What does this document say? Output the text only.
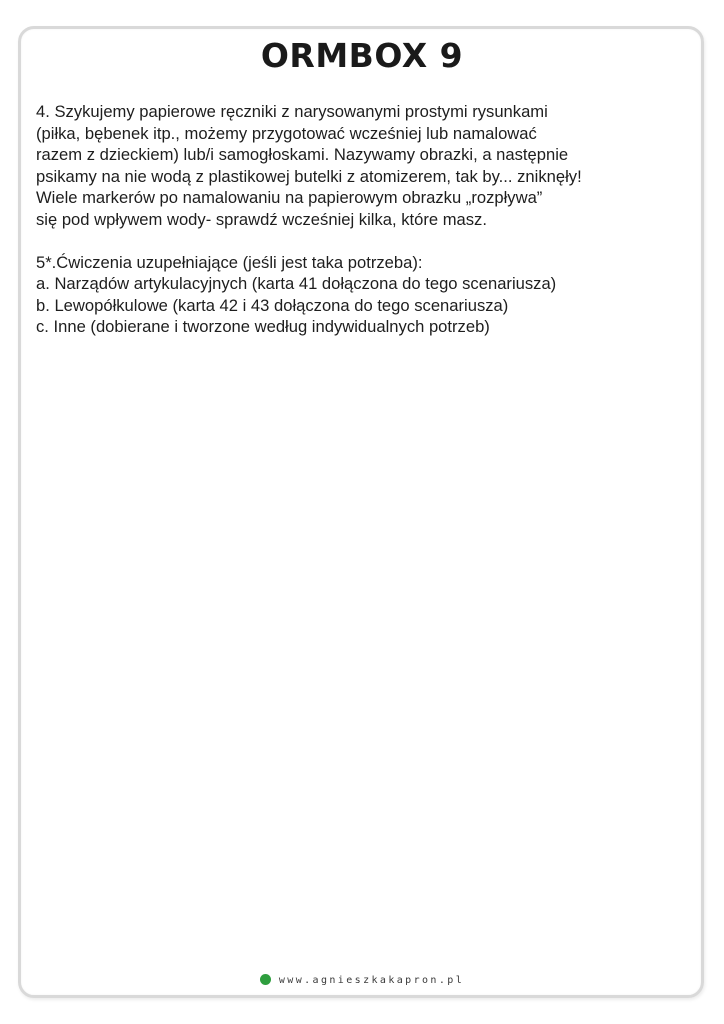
ORMBOX 9
4. Szykujemy papierowe ręczniki z narysowanymi prostymi rysunkami
(piłka, bębenek itp., możemy przygotować wcześniej lub namalować
razem z dzieckiem) lub/i samogłoskami. Nazywamy obrazki, a następnie
psikamy na nie wodą z plastikowej butelki z atomizerem, tak by... zniknęły!
Wiele markerów po namalowaniu na papierowym obrazku „rozpływa”
się pod wpływem wody- sprawdź wcześniej kilka, które masz.
5*.Ćwiczenia uzupełniające (jeśli jest taka potrzeba):
a. Narządów artykulacyjnych (karta 41 dołączona do tego scenariusza)
b. Lewopółkulowe (karta 42 i 43 dołączona do tego scenariusza)
c. Inne (dobierane i tworzone według indywidualnych potrzeb)
www.agnieszkakapron.pl
